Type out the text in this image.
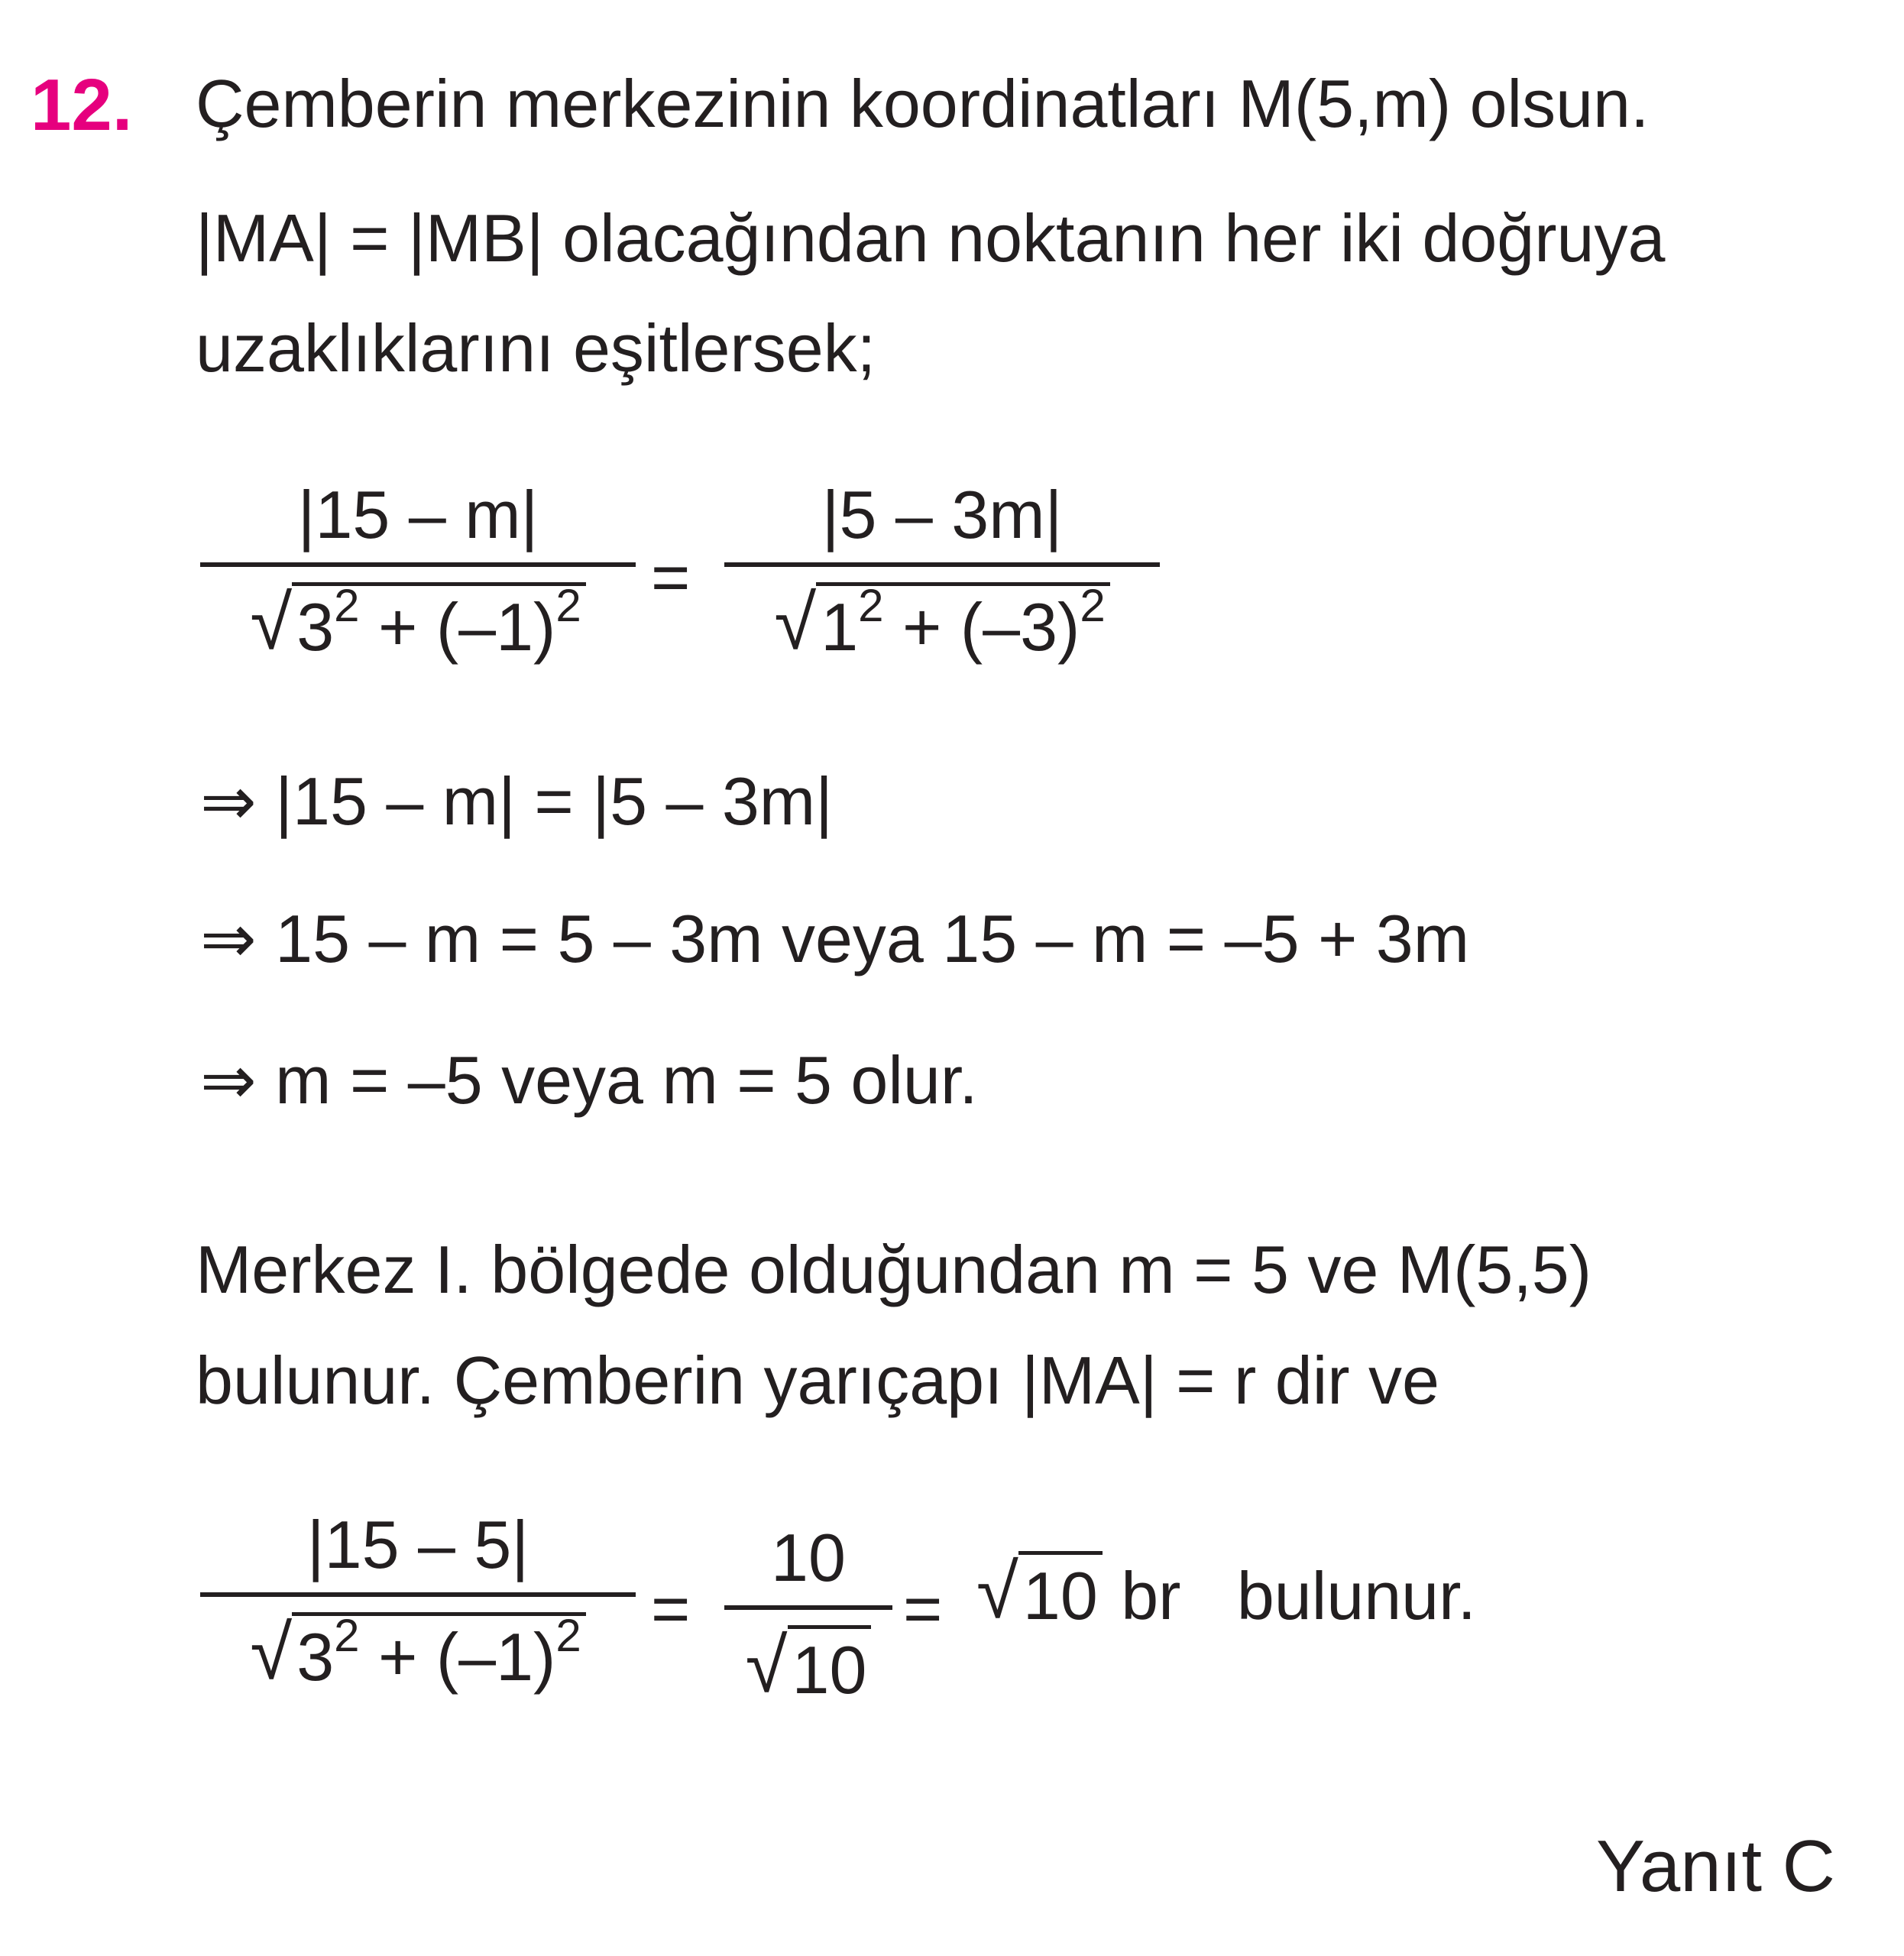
12. Çemberin merkezinin koordinatları M(5,m) olsun.
|MA| = |MB| olacağından noktanın her iki doğruya
uzaklıklarını eşitlersek;
|15 – m|
√ $3^2 + (-1)^2$ =
|5 – 3m|
√ $1^2 + (-3)^2$
⇒ |15 – m| = |5 – 3m|
⇒ 15 – m = 5 – 3m veya 15 – m = –5 + 3m
⇒ m = –5 veya m = 5 olur.
Merkez I. bölgede olduğundan m = 5 ve M(5,5)
bulunur. Çemberin yarıçapı |MA| = r dir ve
|15 – 5|
√ $3^2 + (-1)^2$ =
10
√ 10
= √ 10 br   bulunur.
Yanıt C
